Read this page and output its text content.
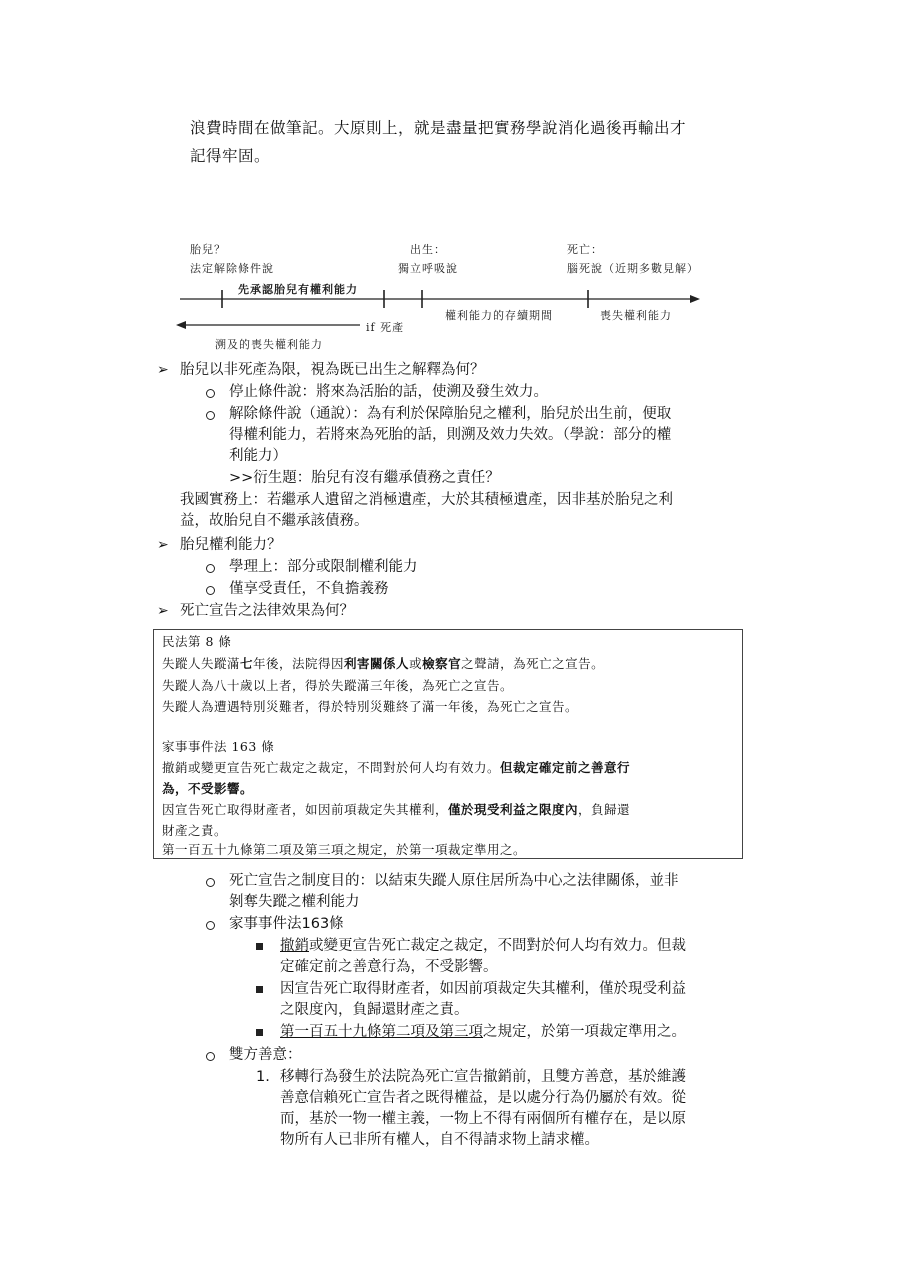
浪費時間在做筆記。大原則上，就是盡量把實務學說消化過後再輸出才
記得牢固。
胎兒？
法定解除條件說
出生：
獨立呼吸說
死亡：
腦死說（近期多數見解）
先承認胎兒有權利能力
權利能力的存續期間	喪失權利能力
if 死產
溯及的喪失權利能力
➢ 胎兒以非死產為限，視為既已出生之解釋為何？
停止條件說：將來為活胎的話，使溯及發生效力。
解除條件說（通說）：為有利於保障胎兒之權利，胎兒於出生前，便取
得權利能力，若將來為死胎的話，則溯及效力失效。（學說：部分的權
利能力）
>>衍生題：胎兒有沒有繼承債務之責任？
我國實務上：若繼承人遺留之消極遺產，大於其積極遺產，因非基於胎兒之利
益，故胎兒自不繼承該債務。
➢ 胎兒權利能力？
學理上：部分或限制權利能力
僅享受責任，不負擔義務
➢ 死亡宣告之法律效果為何？
民法第 8 條
失蹤人失蹤滿七年後，法院得因利害關係人或檢察官之聲請，為死亡之宣告。
失蹤人為八十歲以上者，得於失蹤滿三年後，為死亡之宣告。
失蹤人為遭遇特別災難者，得於特別災難終了滿一年後，為死亡之宣告。
家事事件法 163 條
撤銷或變更宣告死亡裁定之裁定，不問對於何人均有效力。但裁定確定前之善意行
為，不受影響。
因宣告死亡取得財產者，如因前項裁定失其權利，僅於現受利益之限度內，負歸還
財產之責。
第一百五十九條第二項及第三項之規定，於第一項裁定準用之。
死亡宣告之制度目的：以結束失蹤人原住居所為中心之法律關係，並非
剝奪失蹤之權利能力
家事事件法163條
撤銷或變更宣告死亡裁定之裁定，不問對於何人均有效力。但裁
定確定前之善意行為，不受影響。
因宣告死亡取得財產者，如因前項裁定失其權利，僅於現受利益
之限度內，負歸還財產之責。
第一百五十九條第二項及第三項之規定，於第一項裁定準用之。
雙方善意：
1. 移轉行為發生於法院為死亡宣告撤銷前，且雙方善意，基於維護
善意信賴死亡宣告者之既得權益，是以處分行為仍屬於有效。從
而，基於一物一權主義，一物上不得有兩個所有權存在，是以原
物所有人已非所有權人，自不得請求物上請求權。
